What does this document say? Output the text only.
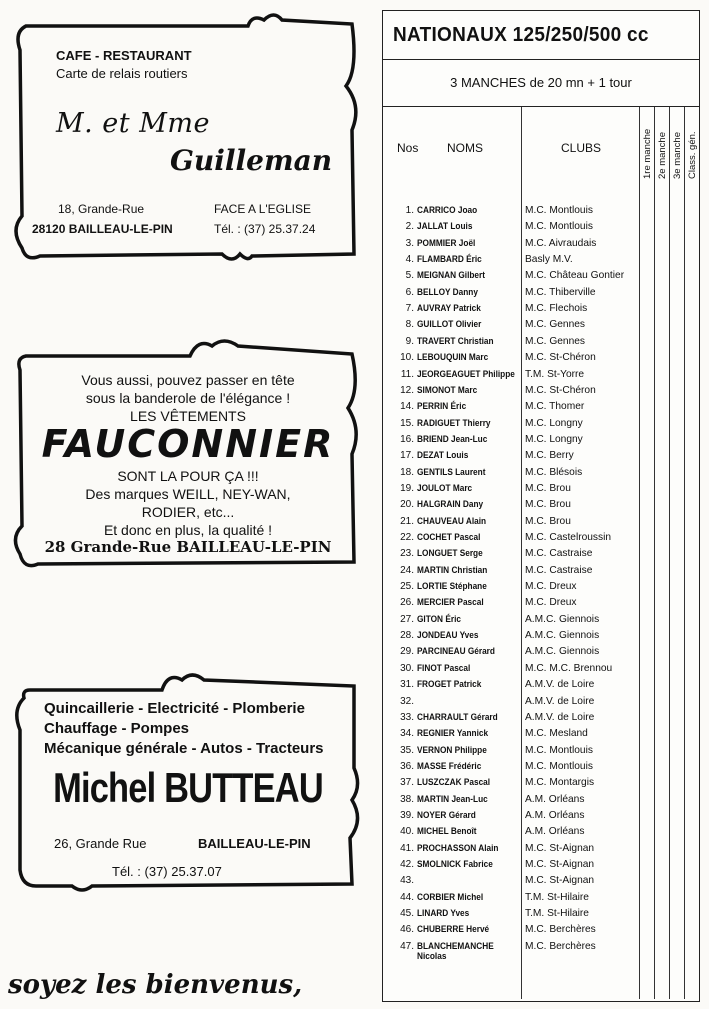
CAFE - RESTAURANT
Carte de relais routiers
M. et Mme
Guilleman
18, Grande-Rue
28120 BAILLEAU-LE-PIN
FACE A L'EGLISE
Tél. : (37) 25.37.24
Vous aussi, pouvez passer en tête
sous la banderole de l'élégance !
LES VÊTEMENTS
FAUCONNIER
SONT LA POUR ÇA !!!
Des marques WEILL, NEY-WAN,
RODIER, etc...
Et donc en plus, la qualité !
28 Grande-Rue BAILLEAU-LE-PIN
Quincaillerie - Electricité - Plomberie
Chauffage - Pompes
Mécanique générale - Autos - Tracteurs
Michel BUTTEAU
26, Grande Rue	BAILLEAU-LE-PIN
Tél. : (37) 25.37.07
soyez les bienvenus,
NATIONAUX 125/250/500 cc
3 MANCHES de 20 mn + 1 tour
Nos NOMS	CLUBS	1re manche 2e manche 3e manche Class. gén.
1. CARRICO Joao	M.C. Montlouis
2. JALLAT Louis	M.C. Montlouis
3. POMMIER Joël	M.C. Aivraudais
4. FLAMBARD Éric	Basly M.V.
5. MEIGNAN Gilbert	M.C. Château Gontier
6. BELLOY Danny	M.C. Thiberville
7. AUVRAY Patrick	M.C. Flechois
8. GUILLOT Olivier	M.C. Gennes
9. TRAVERT Christian	M.C. Gennes
10. LEBOUQUIN Marc	M.C. St-Chéron
11. JEORGEAGUET Philippe T.M. St-Yorre
12. SIMONOT Marc	M.C. St-Chéron
14. PERRIN Éric	M.C. Thomer
15. RADIGUET Thierry	M.C. Longny
16. BRIEND Jean-Luc	M.C. Longny
17. DEZAT Louis	M.C. Berry
18. GENTILS Laurent	M.C. Blésois
19. JOULOT Marc	M.C. Brou
20. HALGRAIN Dany	M.C. Brou
21. CHAUVEAU Alain	M.C. Brou
22. COCHET Pascal	M.C. Castelroussin
23. LONGUET Serge	M.C. Castraise
24. MARTIN Christian	M.C. Castraise
25. LORTIE Stéphane	M.C. Dreux
26. MERCIER Pascal	M.C. Dreux
27. GITON Éric	A.M.C. Giennois
28. JONDEAU Yves	A.M.C. Giennois
29. PARCINEAU Gérard	A.M.C. Giennois
30. FINOT Pascal	M.C. M.C. Brennou
31. FROGET Patrick	A.M.V. de Loire
32.	A.M.V. de Loire
33. CHARRAULT Gérard	A.M.V. de Loire
34. REGNIER Yannick	M.C. Mesland
35. VERNON Philippe	M.C. Montlouis
36. MASSE Frédéric	M.C. Montlouis
37. LUSZCZAK Pascal	M.C. Montargis
38. MARTIN Jean-Luc	A.M. Orléans
39. NOYER Gérard	A.M. Orléans
40. MICHEL Benoît	A.M. Orléans
41. PROCHASSON Alain	M.C. St-Aignan
42. SMOLNICK Fabrice	M.C. St-Aignan
43.	M.C. St-Aignan
44. CORBIER Michel	T.M. St-Hilaire
45. LINARD Yves	T.M. St-Hilaire
46. CHUBERRE Hervé	M.C. Berchères
47. BLANCHEMANCHE	M.C. Berchères
Nicolas
